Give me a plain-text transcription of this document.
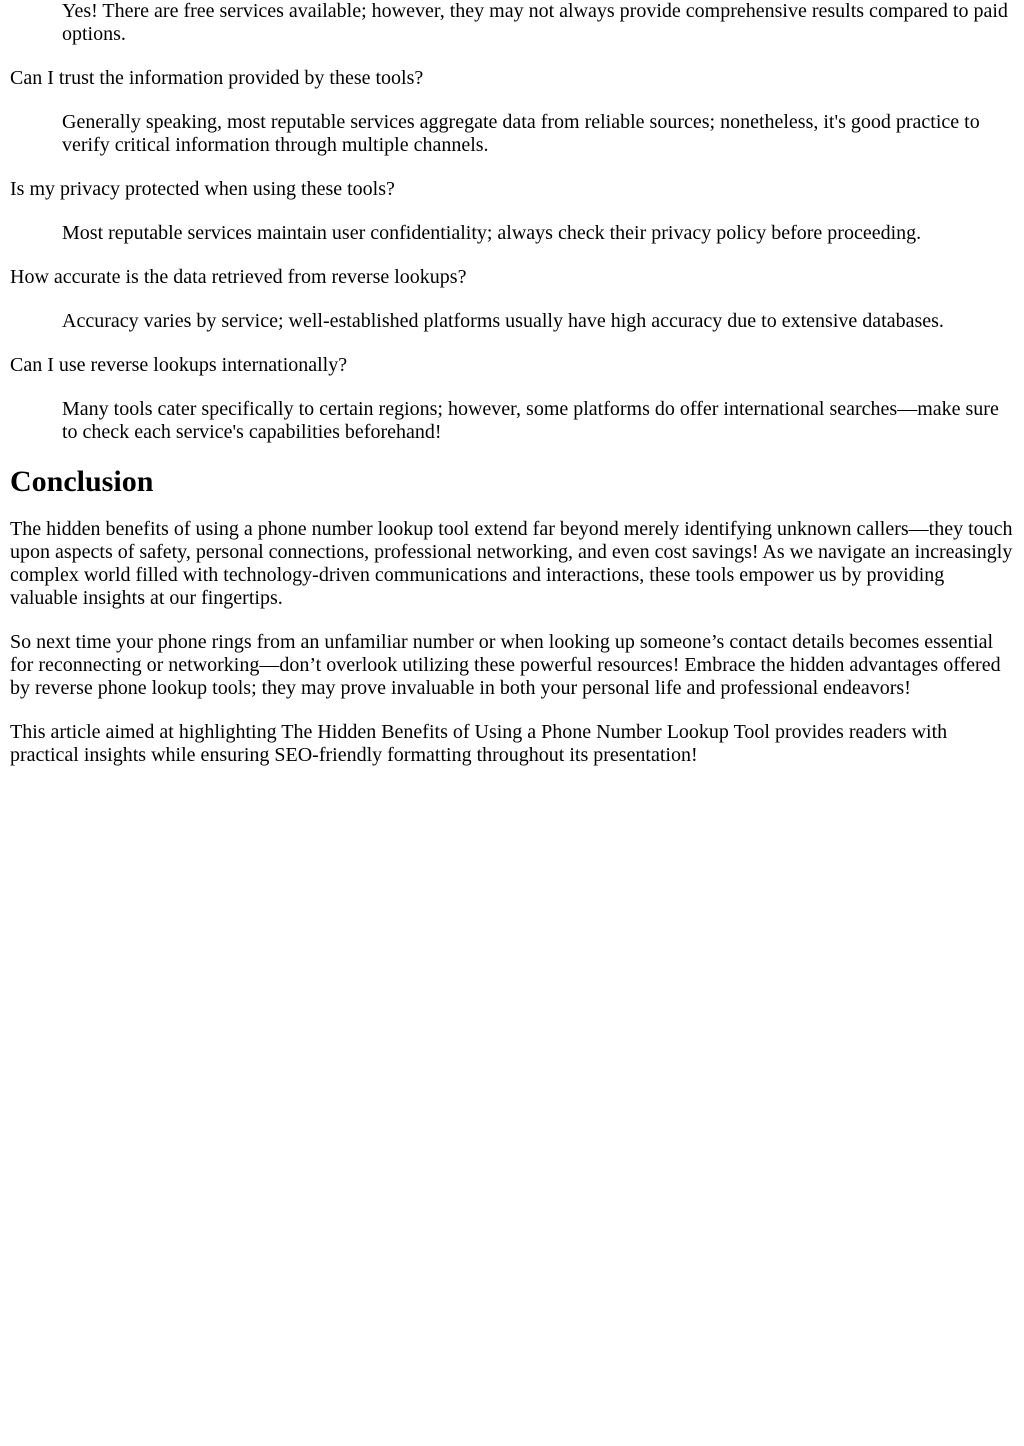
Yes! There are free services available; however, they may not always provide comprehensive results compared to paid options.
Can I trust the information provided by these tools?
Generally speaking, most reputable services aggregate data from reliable sources; nonetheless, it's good practice to verify critical information through multiple channels.
Is my privacy protected when using these tools?
Most reputable services maintain user confidentiality; always check their privacy policy before proceeding.
How accurate is the data retrieved from reverse lookups?
Accuracy varies by service; well-established platforms usually have high accuracy due to extensive databases.
Can I use reverse lookups internationally?
Many tools cater specifically to certain regions; however, some platforms do offer international searches—make sure to check each service's capabilities beforehand!
Conclusion

The hidden benefits of using a phone number lookup tool extend far beyond merely identifying unknown callers—they touch upon aspects of safety, personal connections, professional networking, and even cost savings! As we navigate an increasingly complex world filled with technology-driven communications and interactions, these tools empower us by providing valuable insights at our fingertips.

So next time your phone rings from an unfamiliar number or when looking up someone’s contact details becomes essential for reconnecting or networking—don’t overlook utilizing these powerful resources! Embrace the hidden advantages offered by reverse phone lookup tools; they may prove invaluable in both your personal life and professional endeavors!

This article aimed at highlighting The Hidden Benefits of Using a Phone Number Lookup Tool provides readers with practical insights while ensuring SEO-friendly formatting throughout its presentation!
